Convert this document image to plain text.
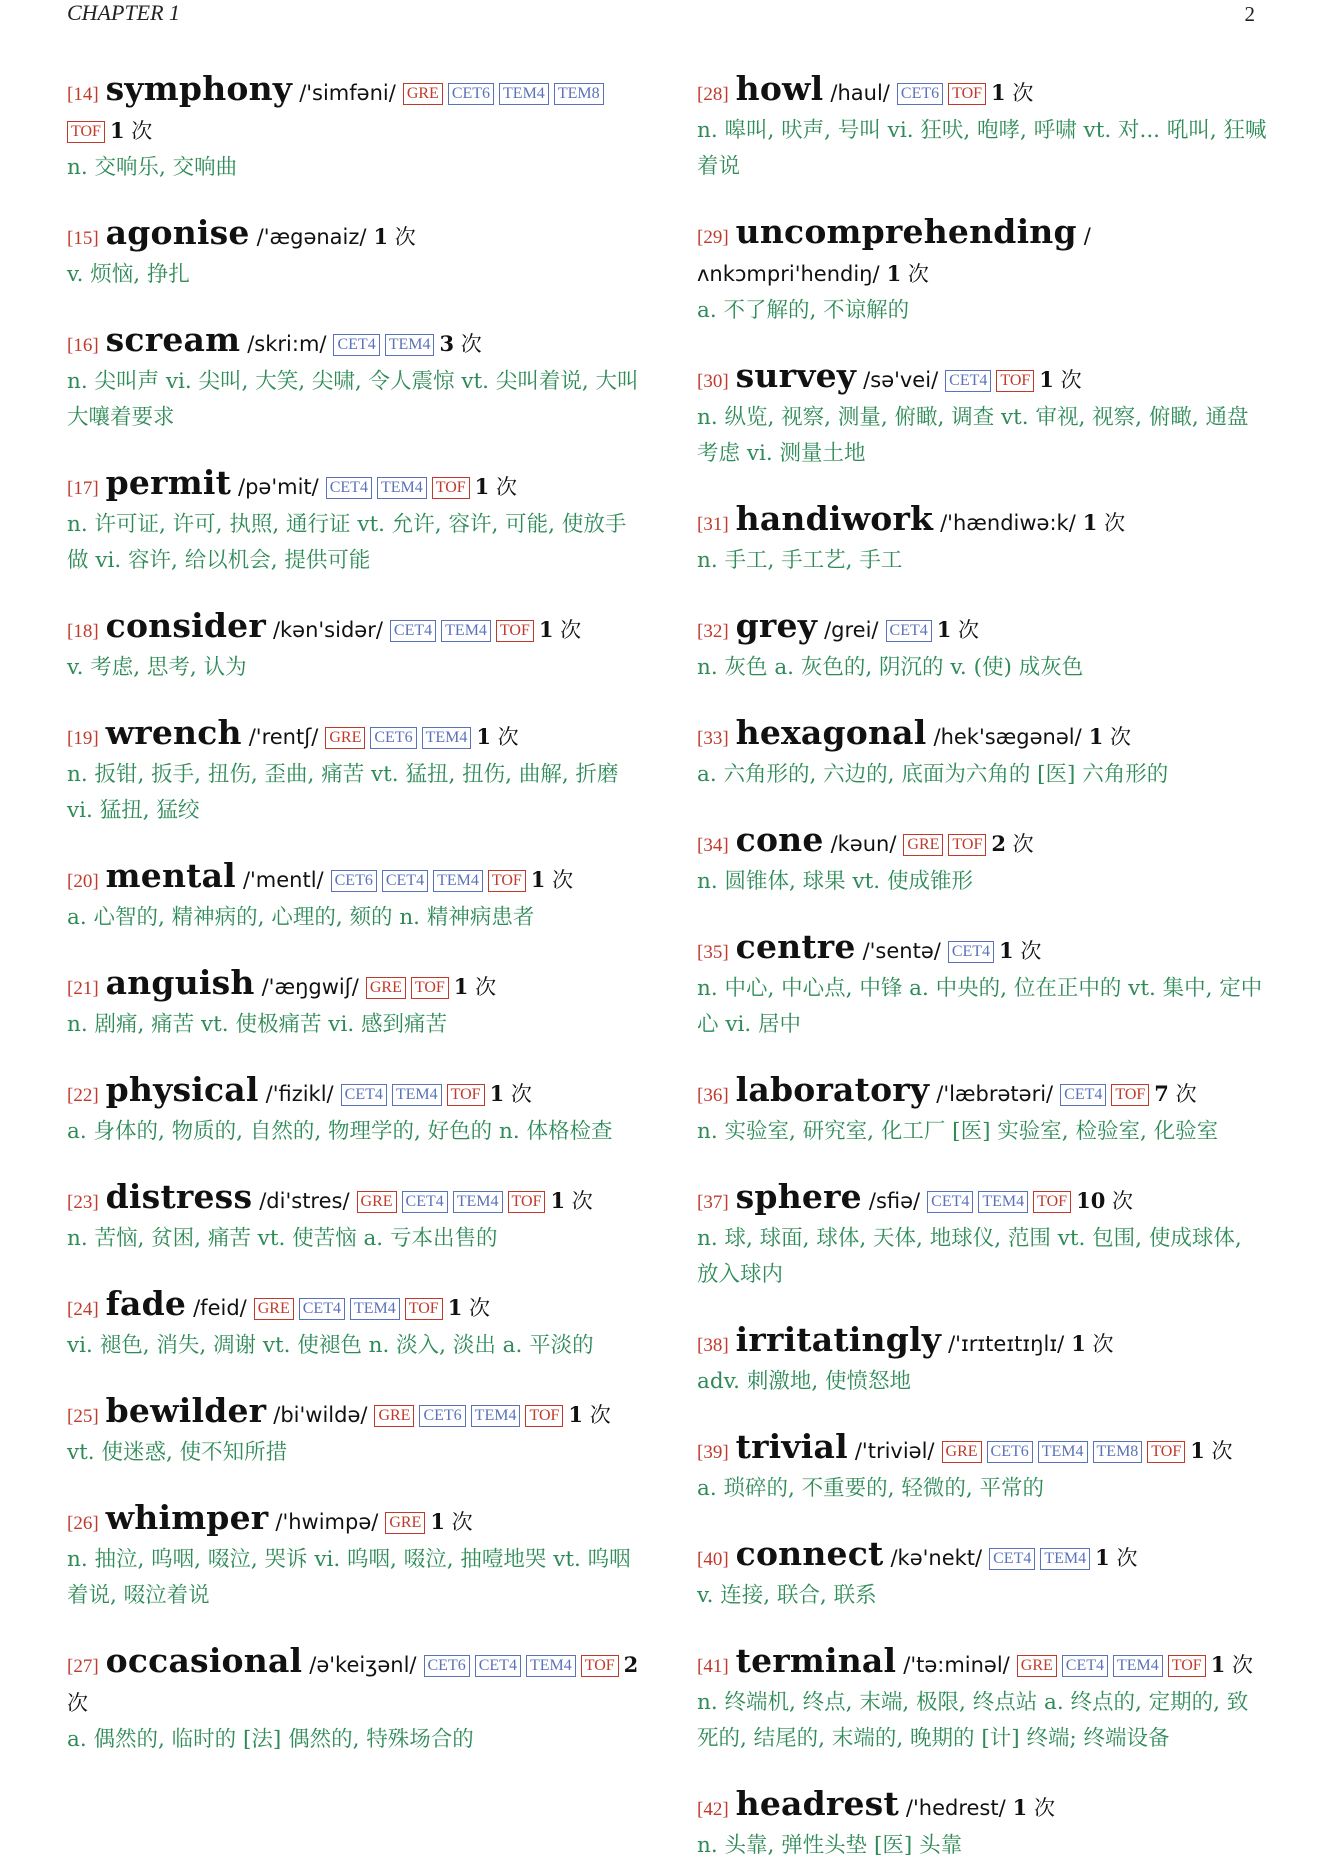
CHAPTER 1	2
[14] symphony /'simfəni/ GRE CET6 TEM4 TEM8TOF 1 次
n. 交响乐, 交响曲
[15] agonise /'ægənaiz/ 1 次
v. 烦恼, 挣扎
[16] scream /skri:m/ CET4 TEM4 3 次
n. 尖叫声 vi. 尖叫, 大笑, 尖啸, 令人震惊 vt. 尖叫着说, 大叫大嚷着要求
[17] permit /pə'mit/ CET4 TEM4 TOF 1 次
n. 许可证, 许可, 执照, 通行证 vt. 允许, 容许, 可能, 使放手做 vi. 容许, 给以机会, 提供可能
[18] consider /kən'sidər/ CET4 TEM4 TOF 1 次
v. 考虑, 思考, 认为
[19] wrench /'rentʃ/ GRE CET6 TEM4 1 次
n. 扳钳, 扳手, 扭伤, 歪曲, 痛苦 vt. 猛扭, 扭伤, 曲解, 折磨 vi. 猛扭, 猛绞
[20] mental /'mentl/ CET6 CET4 TEM4 TOF 1 次
a. 心智的, 精神病的, 心理的, 颏的 n. 精神病患者
[21] anguish /'æŋgwiʃ/ GRE TOF 1 次
n. 剧痛, 痛苦 vt. 使极痛苦 vi. 感到痛苦
[22] physical /'fizikl/ CET4 TEM4 TOF 1 次
a. 身体的, 物质的, 自然的, 物理学的, 好色的 n. 体格检查
[23] distress /di'stres/ GRE CET4 TEM4 TOF 1 次
n. 苦恼, 贫困, 痛苦 vt. 使苦恼 a. 亏本出售的
[24] fade /feid/ GRE CET4 TEM4 TOF 1 次
vi. 褪色, 消失, 凋谢 vt. 使褪色 n. 淡入, 淡出 a. 平淡的
[25] bewilder /bi'wildə/ GRE CET6 TEM4 TOF 1 次
vt. 使迷惑, 使不知所措
[26] whimper /'hwimpə/ GRE 1 次
n. 抽泣, 呜咽, 啜泣, 哭诉 vi. 呜咽, 啜泣, 抽噎地哭 vt. 呜咽着说, 啜泣着说
[27] occasional /ə'keiʒənl/ CET6 CET4 TEM4 TOF 2 次
a. 偶然的, 临时的 [法] 偶然的, 特殊场合的
[28] howl /haul/ CET6 TOF 1 次
n. 嗥叫, 吠声, 号叫 vi. 狂吠, 咆哮, 呼啸 vt. 对... 吼叫, 狂喊着说
[29] uncomprehending /ʌnkɔmpri'hendiŋ/ 1 次
a. 不了解的, 不谅解的
[30] survey /sə'vei/ CET4 TOF 1 次
n. 纵览, 视察, 测量, 俯瞰, 调查 vt. 审视, 视察, 俯瞰, 通盘考虑 vi. 测量土地
[31] handiwork /'hændiwə:k/ 1 次
n. 手工, 手工艺, 手工
[32] grey /grei/ CET4 1 次
n. 灰色 a. 灰色的, 阴沉的 v. (使) 成灰色
[33] hexagonal /hek'sægənəl/ 1 次
a. 六角形的, 六边的, 底面为六角的 [医] 六角形的
[34] cone /kəun/ GRE TOF 2 次
n. 圆锥体, 球果 vt. 使成锥形
[35] centre /'sentə/ CET4 1 次
n. 中心, 中心点, 中锋 a. 中央的, 位在正中的 vt. 集中, 定中心 vi. 居中
[36] laboratory /'læbrətəri/ CET4 TOF 7 次
n. 实验室, 研究室, 化工厂 [医] 实验室, 检验室, 化验室
[37] sphere /sfiə/ CET4 TEM4 TOF 10 次
n. 球, 球面, 球体, 天体, 地球仪, 范围 vt. 包围, 使成球体, 放入球内
[38] irritatingly /'ɪrɪteɪtɪŋlɪ/ 1 次
adv. 刺激地, 使愤怒地
[39] trivial /'triviəl/ GRE CET6 TEM4 TEM8 TOF 1 次
a. 琐碎的, 不重要的, 轻微的, 平常的
[40] connect /kə'nekt/ CET4 TEM4 1 次
v. 连接, 联合, 联系
[41] terminal /'tə:minəl/ GRE CET4 TEM4 TOF 1 次
n. 终端机, 终点, 末端, 极限, 终点站 a. 终点的, 定期的, 致死的, 结尾的, 末端的, 晚期的 [计] 终端; 终端设备
[42] headrest /'hedrest/ 1 次
n. 头靠, 弹性头垫 [医] 头靠
